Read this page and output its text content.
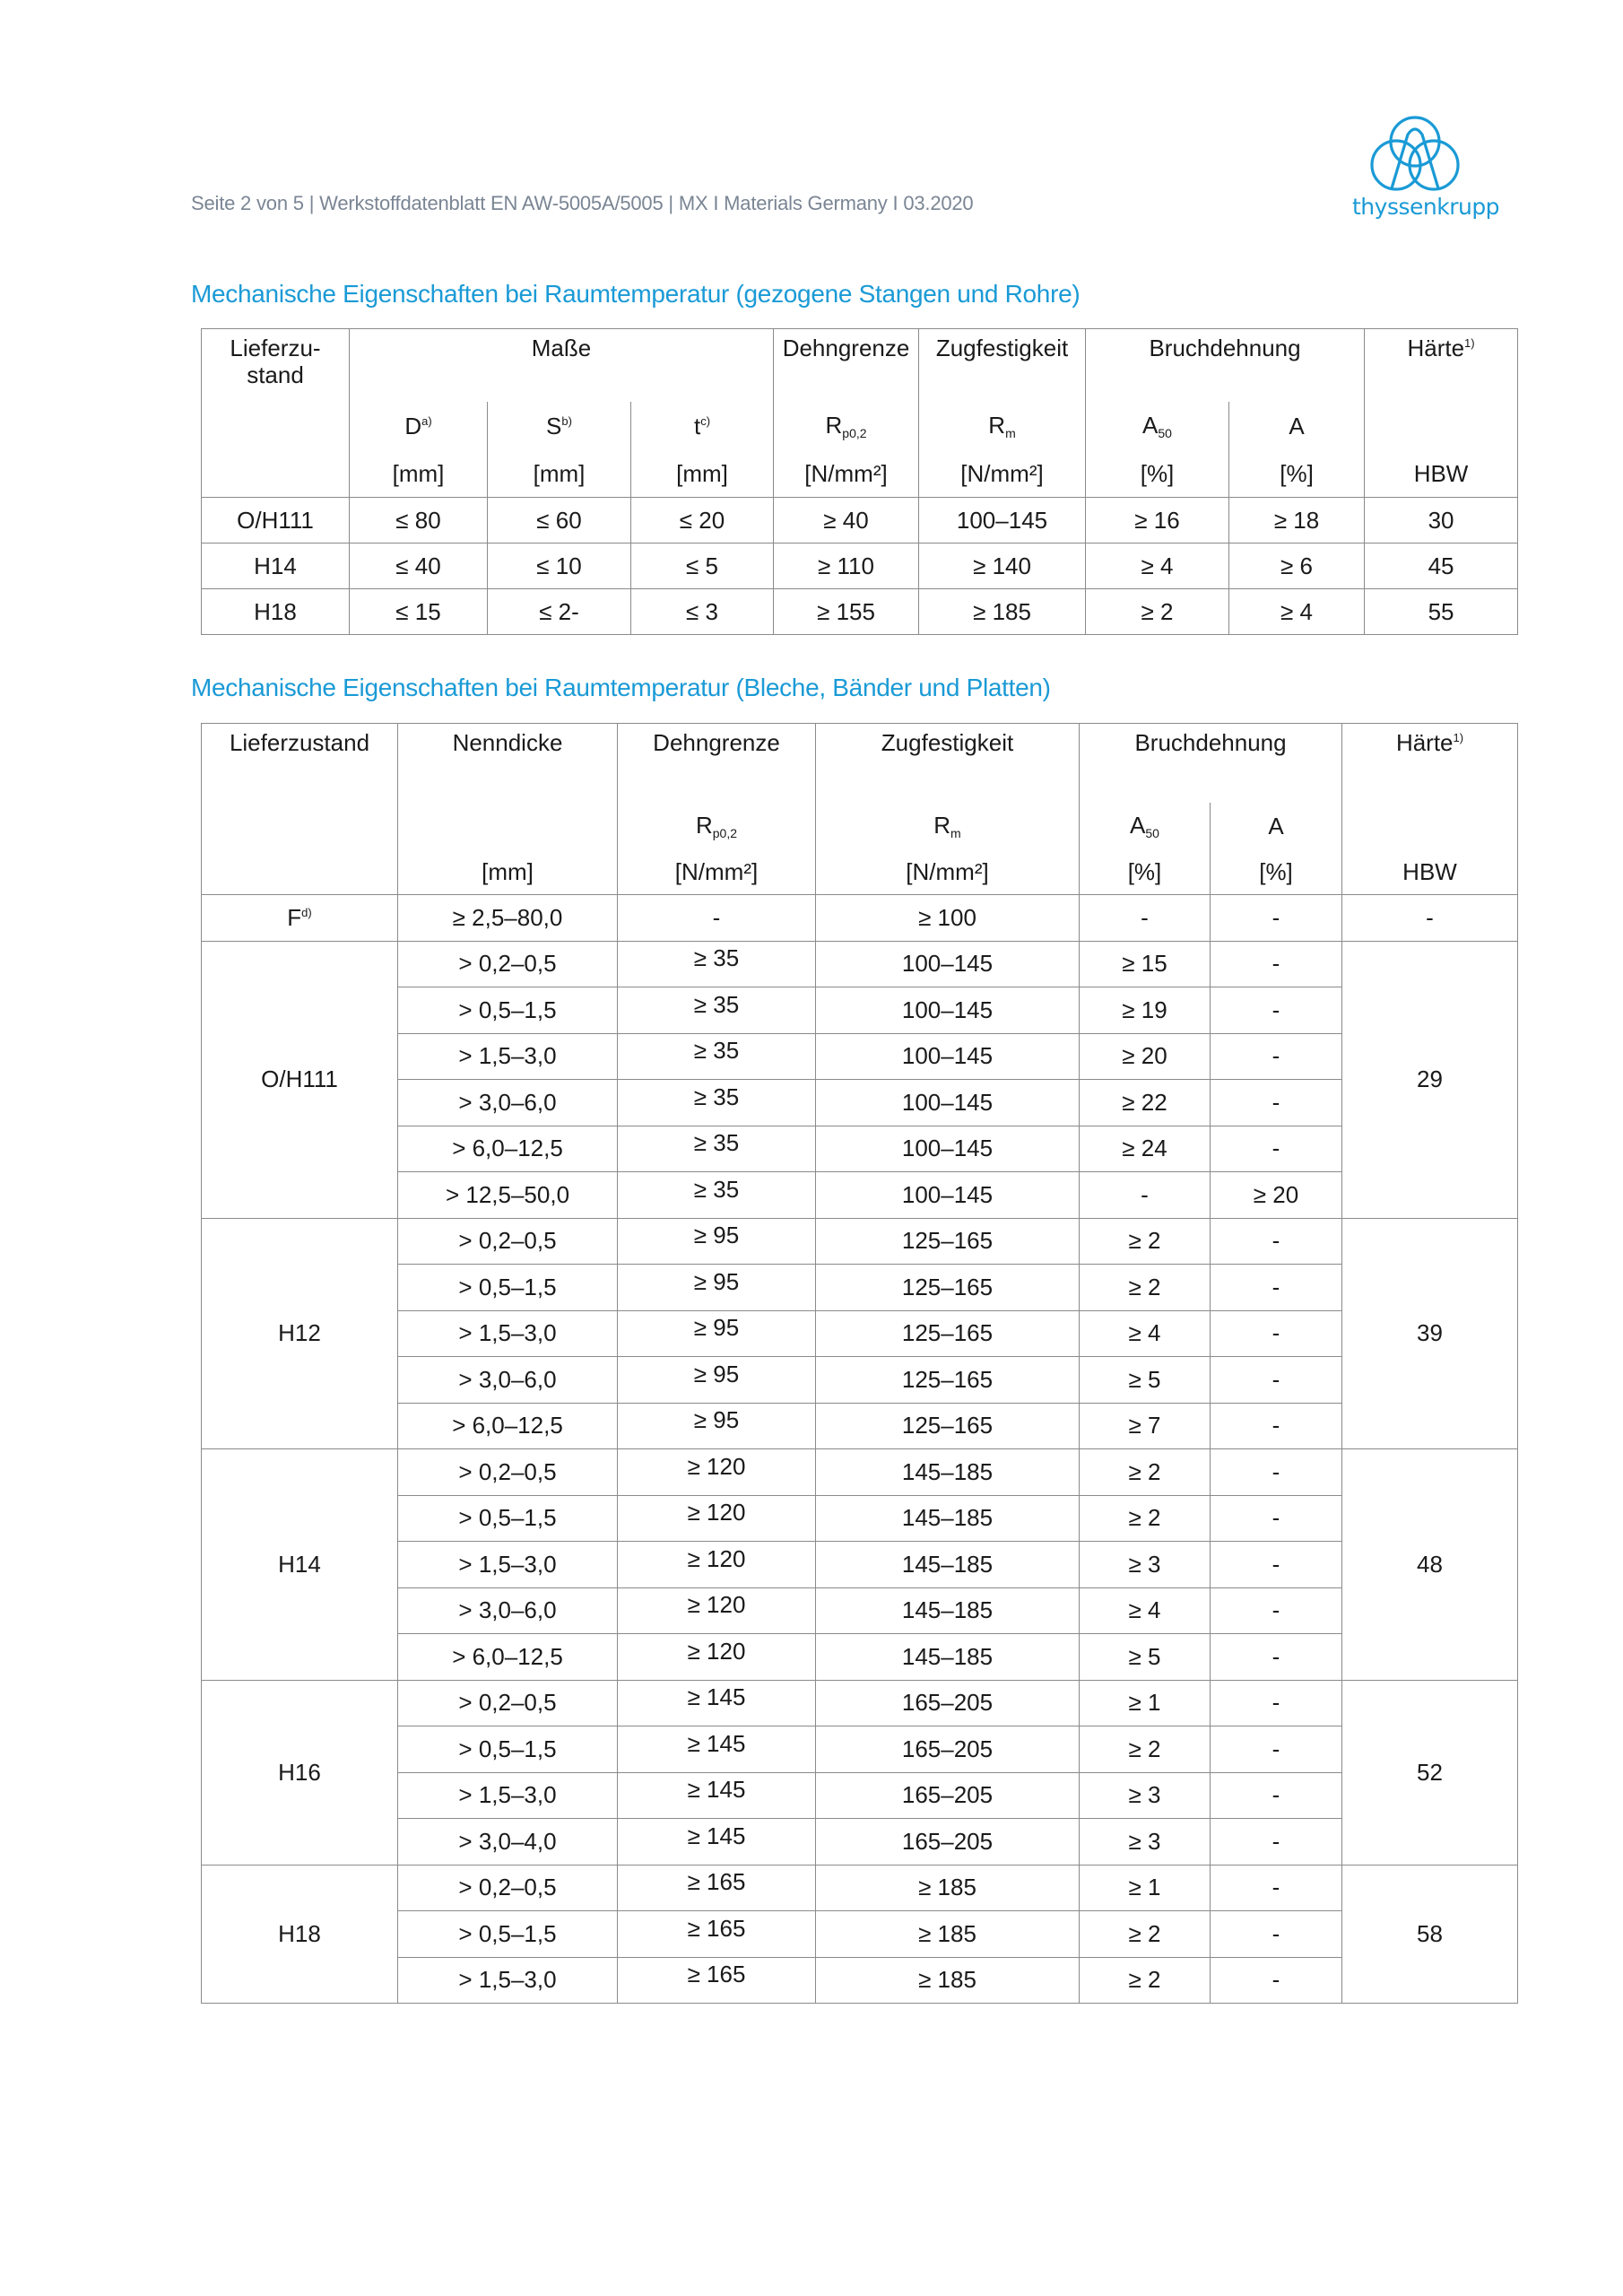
Seite 2 von 5 | Werkstoffdatenblatt EN AW-5005A/5005 | MX I Materials Germany I 03.2020	thyssenkrupp
Mechanische Eigenschaften bei Raumtemperatur (gezogene Stangen und Rohre)
Lieferzu-
stand	Maße			Dehngrenze	Zugfestigkeit	Bruchdehnung		Härte$^{1)}$
	$D^{a)}$	$S^{b)}$	$t^{c)}$	$R_{p0,2}$	$R_m$	$A_{50}$	A	
	[mm]	[mm]	[mm]	[N/mm²]	[N/mm²]	[%]	[%]	HBW
O/H111	≤ 80	≤ 60	≤ 20	≥ 40	100–145	≥ 16	≥ 18	30
H14	≤ 40	≤ 10	≤ 5	≥ 110	≥ 140	≥ 4	≥ 6	45
H18	≤ 15	≤ 2-	≤ 3	≥ 155	≥ 185	≥ 2	≥ 4	55
Mechanische Eigenschaften bei Raumtemperatur (Bleche, Bänder und Platten)
Lieferzustand	Nenndicke	Dehngrenze	Zugfestigkeit	Bruchdehnung		Härte$^{1)}$
		$R_{p0,2}$	$R_m$	$A_{50}$	A	
	[mm]	[N/mm²]	[N/mm²]	[%]	[%]	HBW
$F^{d)}$	≥ 2,5–80,0	-	≥ 100	-	-	-
O/H111	> 0,2–0,5	≥ 35	100–145	≥ 15	-	29
	> 0,5–1,5	≥ 35	100–145	≥ 19	-	
	> 1,5–3,0	≥ 35	100–145	≥ 20	-	
	> 3,0–6,0	≥ 35	100–145	≥ 22	-	
	> 6,0–12,5	≥ 35	100–145	≥ 24	-	
	> 12,5–50,0	≥ 35	100–145	-	≥ 20	
H12	> 0,2–0,5	≥ 95	125–165	≥ 2	-	39
	> 0,5–1,5	≥ 95	125–165	≥ 2	-	
	> 1,5–3,0	≥ 95	125–165	≥ 4	-	
	> 3,0–6,0	≥ 95	125–165	≥ 5	-	
	> 6,0–12,5	≥ 95	125–165	≥ 7	-	
H14	> 0,2–0,5	≥ 120	145–185	≥ 2	-	48
	> 0,5–1,5	≥ 120	145–185	≥ 2	-	
	> 1,5–3,0	≥ 120	145–185	≥ 3	-	
	> 3,0–6,0	≥ 120	145–185	≥ 4	-	
	> 6,0–12,5	≥ 120	145–185	≥ 5	-	
H16	> 0,2–0,5	≥ 145	165–205	≥ 1	-	52
	> 0,5–1,5	≥ 145	165–205	≥ 2	-	
	> 1,5–3,0	≥ 145	165–205	≥ 3	-	
	> 3,0–4,0	≥ 145	165–205	≥ 3	-	
H18	> 0,2–0,5	≥ 165	≥ 185	≥ 1	-	58
	> 0,5–1,5	≥ 165	≥ 185	≥ 2	-	
	> 1,5–3,0	≥ 165	≥ 185	≥ 2	-	
